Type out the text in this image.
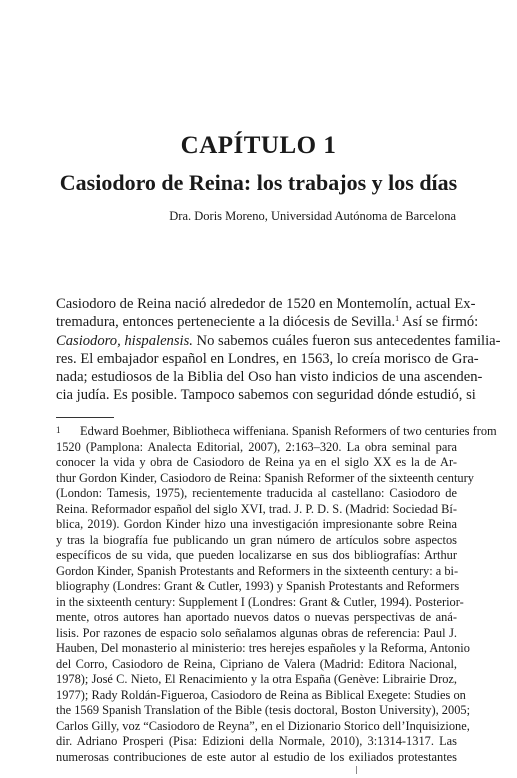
CAPÍTULO 1
Casiodoro de Reina: los trabajos y los días
Dra. Doris Moreno, Universidad Autónoma de Barcelona
Casiodoro de Reina nació alrededor de 1520 en Montemolín, actual Ex-
tremadura, entonces perteneciente a la diócesis de Sevilla.$^1$ Así se firmó:
Casiodoro, hispalensis. No sabemos cuáles fueron sus antecedentes familia-
res. El embajador español en Londres, en 1563, lo creía morisco de Gra-
nada; estudiosos de la Biblia del Oso han visto indicios de una ascenden-
cia judía. Es posible. Tampoco sabemos con seguridad dónde estudió, si
1 Edward Boehmer, Bibliotheca wiffeniana. Spanish Reformers of two centuries from
1520 (Pamplona: Analecta Editorial, 2007), 2:163–320. La obra seminal para
conocer la vida y obra de Casiodoro de Reina ya en el siglo XX es la de Ar-
thur Gordon Kinder, Casiodoro de Reina: Spanish Reformer of the sixteenth century
(London: Tamesis, 1975), recientemente traducida al castellano: Casiodoro de
Reina. Reformador español del siglo XVI, trad. J. P. D. S. (Madrid: Sociedad Bí-
blica, 2019). Gordon Kinder hizo una investigación impresionante sobre Reina
y tras la biografía fue publicando un gran número de artículos sobre aspectos
específicos de su vida, que pueden localizarse en sus dos bibliografías: Arthur
Gordon Kinder, Spanish Protestants and Reformers in the sixteenth century: a bi-
bliography (Londres: Grant & Cutler, 1993) y Spanish Protestants and Reformers
in the sixteenth century: Supplement I (Londres: Grant & Cutler, 1994). Posterior-
mente, otros autores han aportado nuevos datos o nuevas perspectivas de aná-
lisis. Por razones de espacio solo señalamos algunas obras de referencia: Paul J.
Hauben, Del monasterio al ministerio: tres herejes españoles y la Reforma, Antonio
del Corro, Casiodoro de Reina, Cipriano de Valera (Madrid: Editora Nacional,
1978); José C. Nieto, El Renacimiento y la otra España (Genève: Librairie Droz,
1977); Rady Roldán-Figueroa, Casiodoro de Reina as Biblical Exegete: Studies on
the 1569 Spanish Translation of the Bible (tesis doctoral, Boston University), 2005;
Carlos Gilly, voz “Casiodoro de Reyna”, en el Dizionario Storico dell’Inquisizione,
dir. Adriano Prosperi (Pisa: Edizioni della Normale, 2010), 3:1314-1317. Las
numerosas contribuciones de este autor al estudio de los exiliados protestantes
